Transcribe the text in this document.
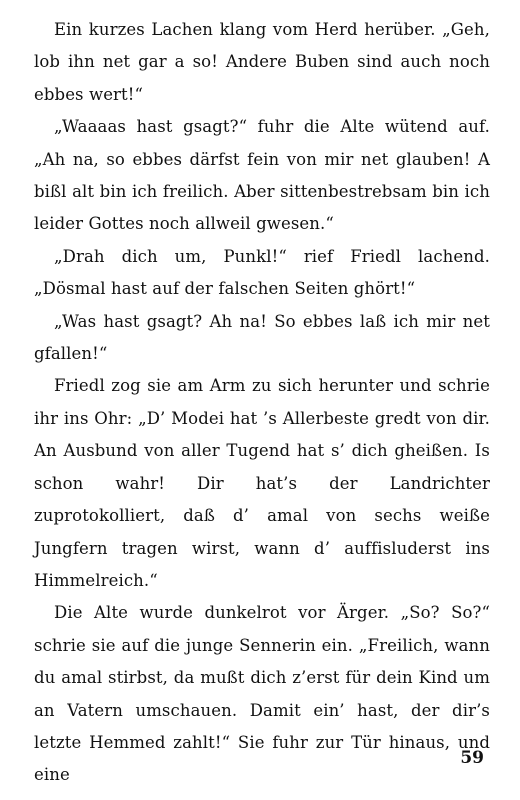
Ein kurzes Lachen klang vom Herd herüber. „Geh, lob ihn net gar a so! Andere Buben sind auch noch ebbes wert!“

„Waaaas hast gsagt?“ fuhr die Alte wütend auf. „Ah na, so ebbes därfst fein von mir net glauben! A bißl alt bin ich freilich. Aber sittenbestrebsam bin ich leider Gottes noch allweil gwesen.“

„Drah dich um, Punkl!“ rief Friedl lachend. „Dösmal hast auf der falschen Seiten ghört!“

„Was hast gsagt? Ah na! So ebbes laß ich mir net gfallen!“

Friedl zog sie am Arm zu sich herunter und schrie ihr ins Ohr: „D’ Modei hat ’s Allerbeste gredt von dir. An Ausbund von aller Tugend hat s’ dich gheißen. Is schon wahr! Dir hat’s der Landrichter zuprotokolliert, daß d’ amal von sechs weiße Jungfern tragen wirst, wann d’ auffisluderst ins Himmelreich.“

Die Alte wurde dunkelrot vor Ärger. „So? So?“ schrie sie auf die junge Sennerin ein. „Freilich, wann du amal stirbst, da mußt dich z’erst für dein Kind um an Vatern umschauen. Damit ein’ hast, der dir’s letzte Hemmed zahlt!“ Sie fuhr zur Tür hinaus, und eine

59
